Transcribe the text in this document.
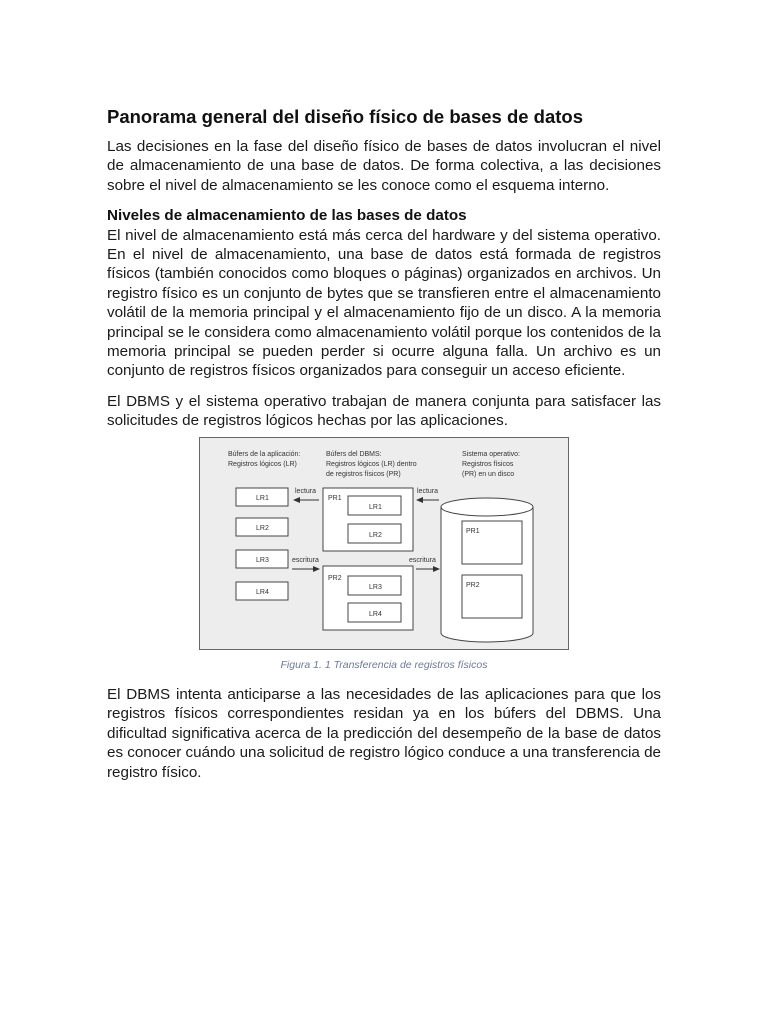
Panorama general del diseño físico de bases de datos

Las decisiones en la fase del diseño físico de bases de datos involucran el nivel de almacenamiento de una base de datos. De forma colectiva, a las decisiones sobre el nivel de almacenamiento se les conoce como el esquema interno.

Niveles de almacenamiento de las bases de datos

El nivel de almacenamiento está más cerca del hardware y del sistema operativo. En el nivel de almacenamiento, una base de datos está formada de registros físicos (también conocidos como bloques o páginas) organizados en archivos. Un registro físico es un conjunto de bytes que se transfieren entre el almacenamiento volátil de la memoria principal y el almacenamiento fijo de un disco. A la memoria principal se le considera como almacenamiento volátil porque los contenidos de la memoria principal se pueden perder si ocurre alguna falla. Un archivo es un conjunto de registros físicos organizados para conseguir un acceso eficiente.

El DBMS y el sistema operativo trabajan de manera conjunta para satisfacer las solicitudes de registros lógicos hechas por las aplicaciones.

Búfers de la aplicación:
Registros lógicos (LR)
Búfers del DBMS:
Registros lógicos (LR) dentro
de registros físicos (PR)
Sistema operativo:
Registros físicos
(PR) en un disco
LR1
LR2
LR3
LR4
PR1
LR1
LR2
PR2
LR3
LR4
PR1
PR2
lectura	lectura
escritura	escritura
Figura 1. 1 Transferencia de registros físicos

El DBMS intenta anticiparse a las necesidades de las aplicaciones para que los registros físicos correspondientes residan ya en los búfers del DBMS. Una dificultad significativa acerca de la predicción del desempeño de la base de datos es conocer cuándo una solicitud de registro lógico conduce a una transferencia de registro físico.
